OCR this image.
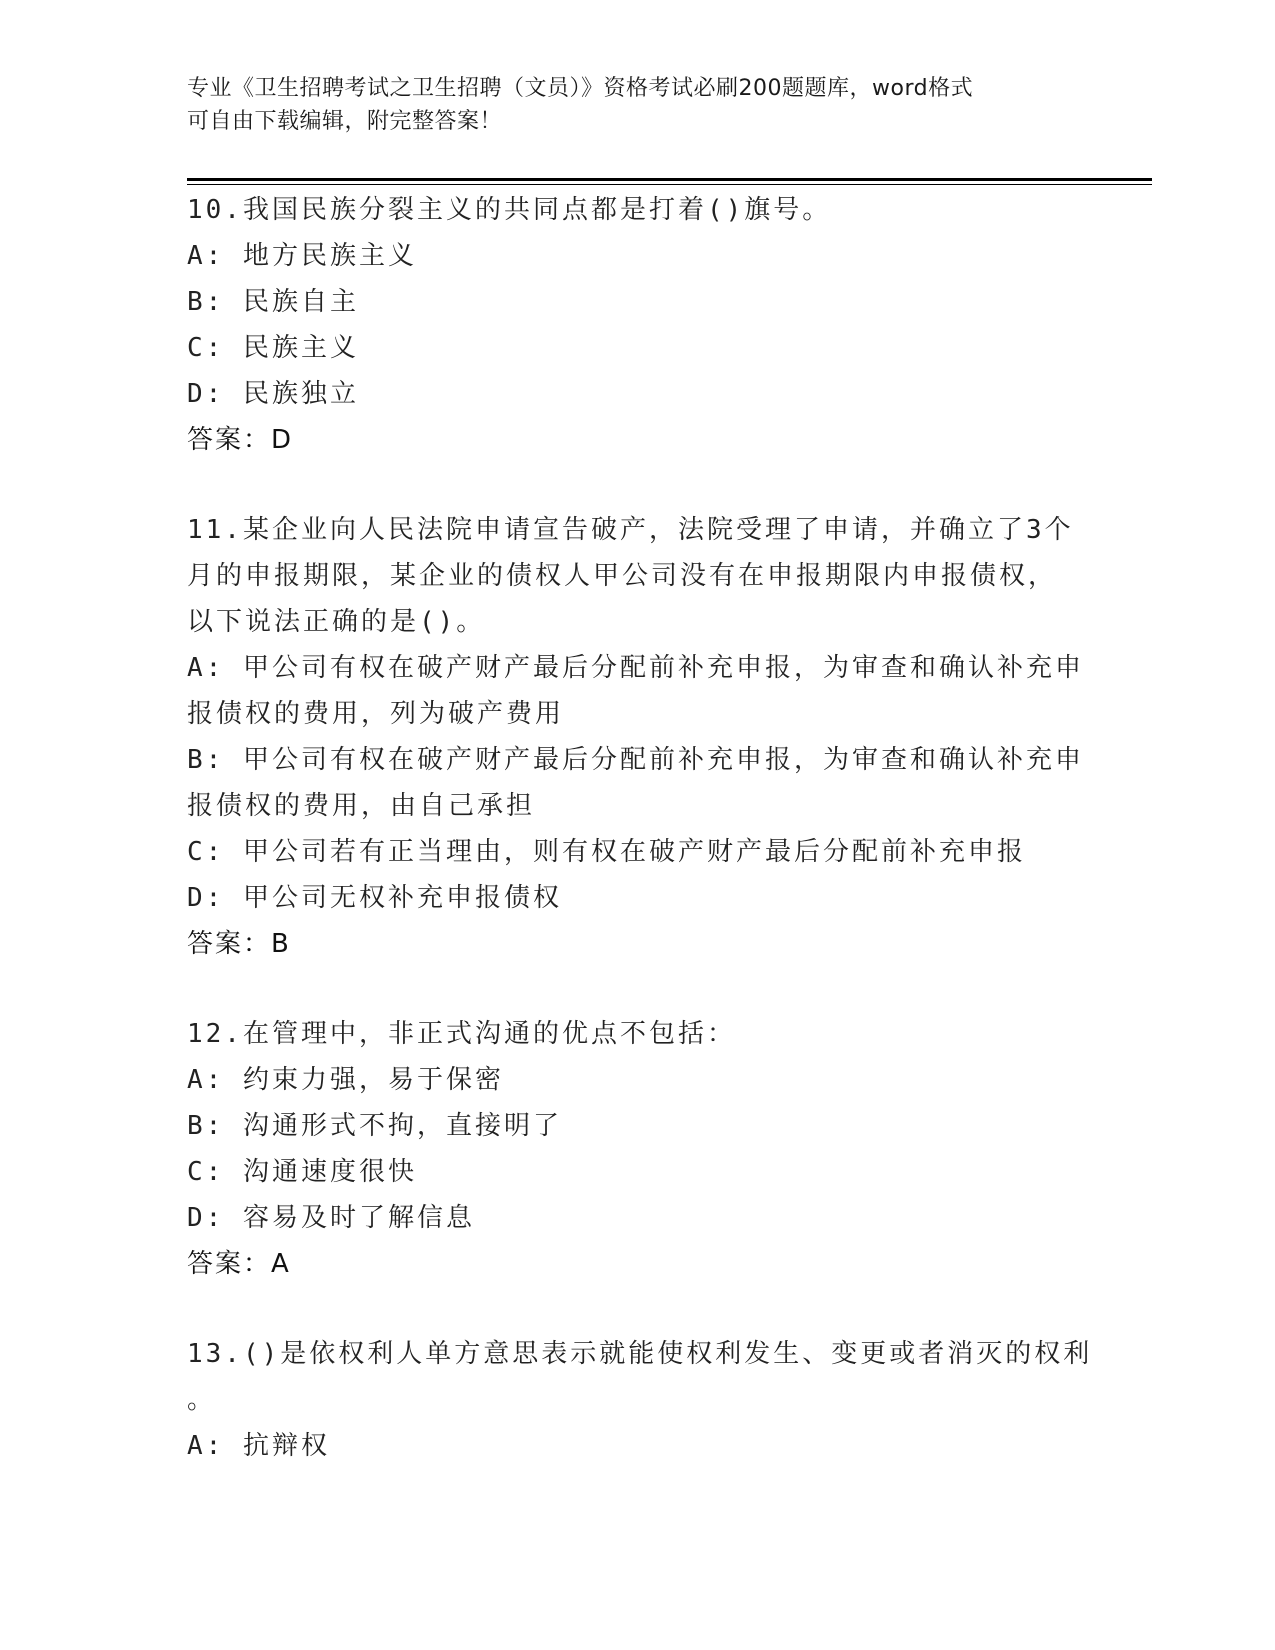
专业《卫生招聘考试之卫生招聘（文员）》资格考试必刷200题题库，word格式
可自由下载编辑，附完整答案！
10.我国民族分裂主义的共同点都是打着()旗号。
A: 地方民族主义
B: 民族自主
C: 民族主义
D: 民族独立
答案：D
11.某企业向人民法院申请宣告破产，法院受理了申请，并确立了3个
月的申报期限，某企业的债权人甲公司没有在申报期限内申报债权，
以下说法正确的是()。
A: 甲公司有权在破产财产最后分配前补充申报，为审查和确认补充申
报债权的费用，列为破产费用
B: 甲公司有权在破产财产最后分配前补充申报，为审查和确认补充申
报债权的费用，由自己承担
C: 甲公司若有正当理由，则有权在破产财产最后分配前补充申报
D: 甲公司无权补充申报债权
答案：B
12.在管理中，非正式沟通的优点不包括：
A: 约束力强，易于保密
B: 沟通形式不拘，直接明了
C: 沟通速度很快
D: 容易及时了解信息
答案：A
13.()是依权利人单方意思表示就能使权利发生、变更或者消灭的权利
。
A: 抗辩权
